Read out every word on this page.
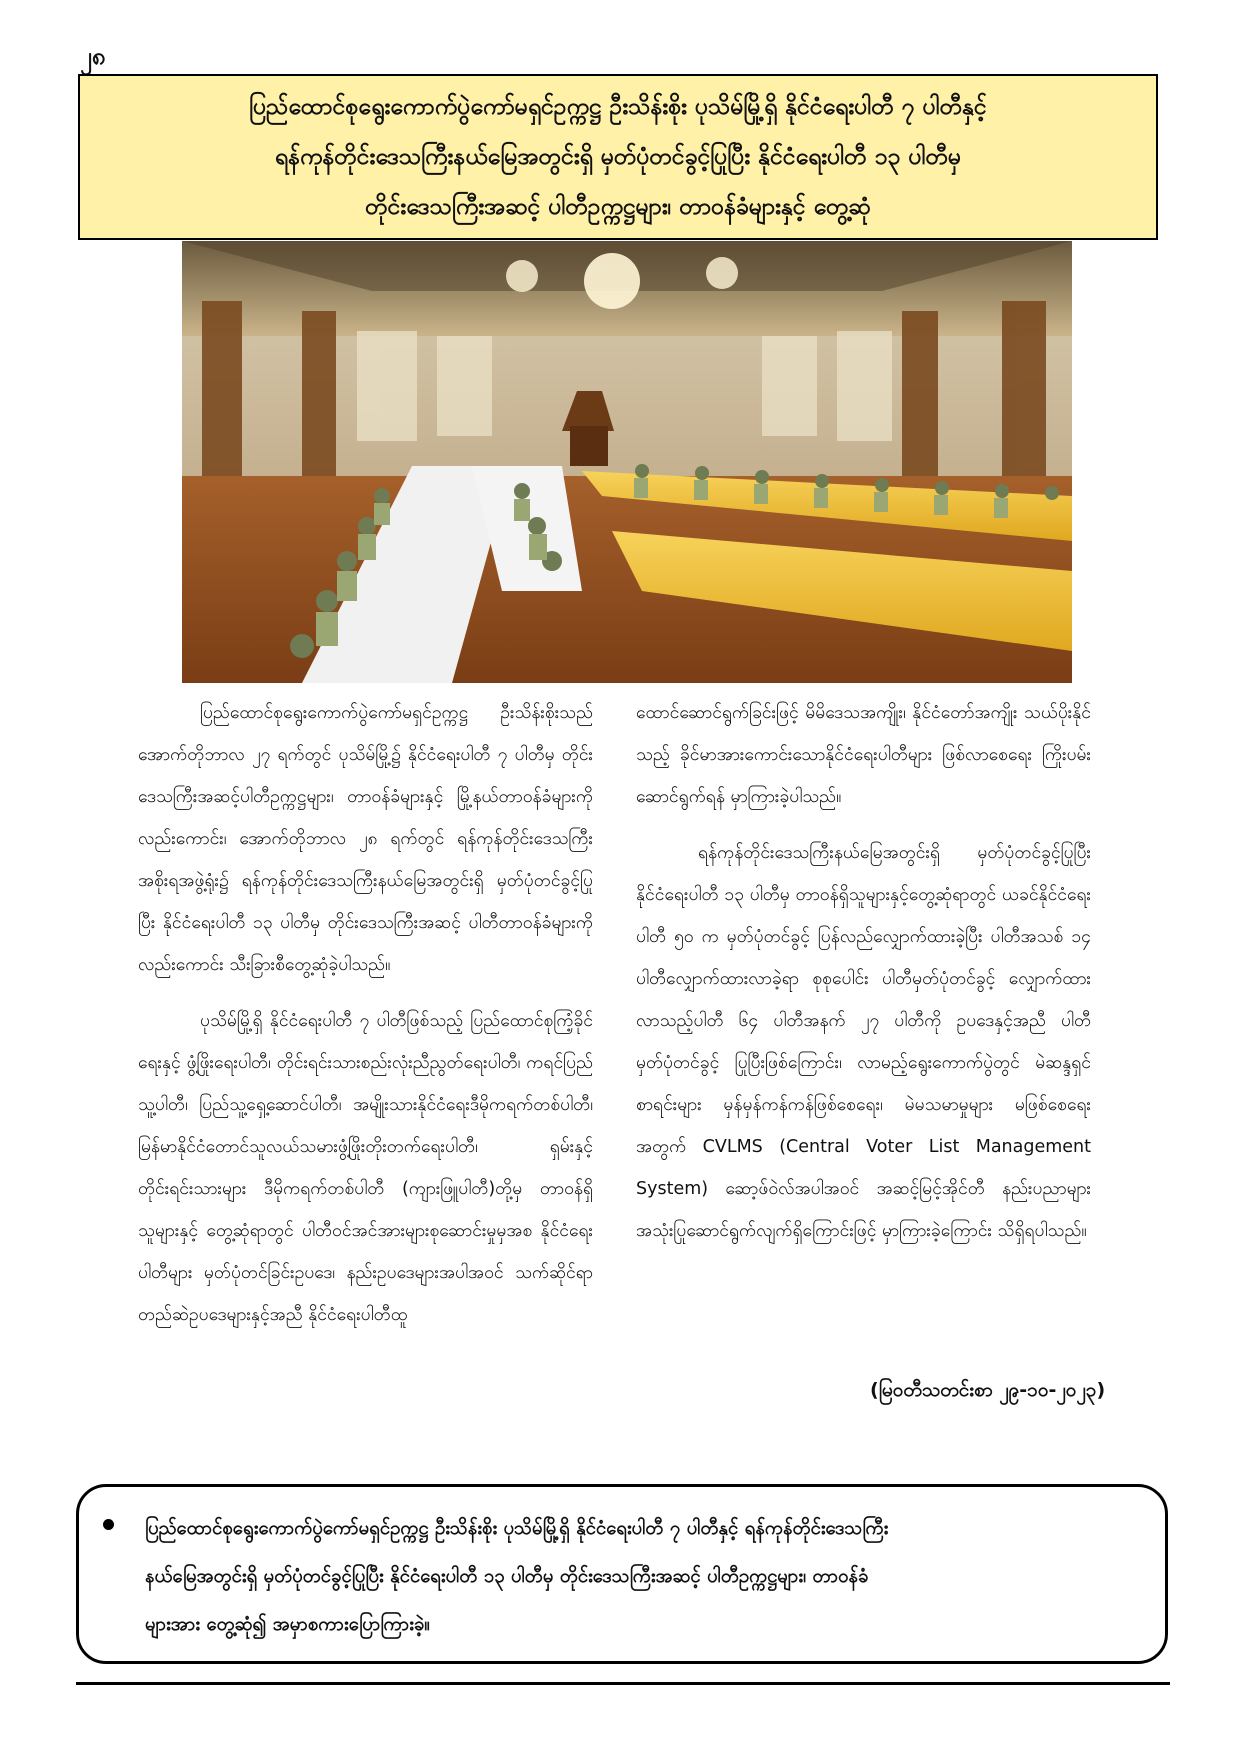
၂၈
ပြည်ထောင်စုရွေးကောက်ပွဲကော်မရှင်ဥက္ကဋ္ဌ ဦးသိန်းစိုး ပုသိမ်မြို့ရှိ နိုင်ငံရေးပါတီ ၇ ပါတီနှင့်
ရန်ကုန်တိုင်းဒေသကြီးနယ်မြေအတွင်းရှိ မှတ်ပုံတင်ခွင့်ပြုပြီး နိုင်ငံရေးပါတီ ၁၃ ပါတီမှ
တိုင်းဒေသကြီးအဆင့် ပါတီဥက္ကဋ္ဌများ၊ တာဝန်ခံများနှင့် တွေ့ဆုံ

ပြည်ထောင်စုရွေးကောက်ပွဲကော်မရှင်ဥက္ကဋ္ဌ ဦးသိန်းစိုးသည် အောက်တိုဘာလ ၂၇ ရက်တွင် ပုသိမ်မြို့၌ နိုင်ငံရေးပါတီ ၇ ပါတီမှ တိုင်းဒေသကြီးအဆင့်ပါတီဥက္ကဋ္ဌများ၊ တာဝန်ခံများနှင့် မြို့နယ်တာဝန်ခံများကိုလည်းကောင်း၊ အောက်တိုဘာလ ၂၈ ရက်တွင် ရန်ကုန်တိုင်းဒေသကြီးအစိုးရအဖွဲ့ရုံး၌ ရန်ကုန်တိုင်းဒေသကြီးနယ်မြေအတွင်းရှိ မှတ်ပုံတင်ခွင့်ပြုပြီး နိုင်ငံရေးပါတီ ၁၃ ပါတီမှ တိုင်းဒေသကြီးအဆင့် ပါတီတာဝန်ခံများကိုလည်းကောင်း သီးခြားစီတွေ့ဆုံခဲ့ပါသည်။

ပုသိမ်မြို့ရှိ နိုင်ငံရေးပါတီ ၇ ပါတီဖြစ်သည့် ပြည်ထောင်စုကြံ့ခိုင်ရေးနှင့် ဖွံ့ဖြိုးရေးပါတီ၊ တိုင်းရင်းသားစည်းလုံးညီညွတ်ရေးပါတီ၊ ကရင်ပြည်သူ့ပါတီ၊ ပြည်သူ့ရှေ့ဆောင်ပါတီ၊ အမျိုးသားနိုင်ငံရေးဒီမိုကရက်တစ်ပါတီ၊ မြန်မာနိုင်ငံတောင်သူလယ်သမားဖွံ့ဖြိုးတိုးတက်ရေးပါတီ၊ ရှမ်းနှင့်တိုင်းရင်းသားများ ဒီမိုကရက်တစ်ပါတီ (ကျားဖြူပါတီ)တို့မှ တာဝန်ရှိသူများနှင့် တွေ့ဆုံရာတွင် ပါတီဝင်အင်အားများစုဆောင်းမှုမှအစ နိုင်ငံရေးပါတီများ မှတ်ပုံတင်ခြင်းဥပဒေ၊ နည်းဥပဒေများအပါအဝင် သက်ဆိုင်ရာတည်ဆဲဥပဒေများနှင့်အညီ နိုင်ငံရေးပါတီထူ

ထောင်ဆောင်ရွက်ခြင်းဖြင့် မိမိဒေသအကျိုး၊ နိုင်ငံတော်အကျိုး သယ်ပိုးနိုင်သည့် ခိုင်မာအားကောင်းသောနိုင်ငံရေးပါတီများ ဖြစ်လာစေရေး ကြိုးပမ်းဆောင်ရွက်ရန် မှာကြားခဲ့ပါသည်။

ရန်ကုန်တိုင်းဒေသကြီးနယ်မြေအတွင်းရှိ မှတ်ပုံတင်ခွင့်ပြုပြီး နိုင်ငံရေးပါတီ ၁၃ ပါတီမှ တာဝန်ရှိသူများနှင့်တွေ့ဆုံရာတွင် ယခင်နိုင်ငံရေးပါတီ ၅၀ က မှတ်ပုံတင်ခွင့် ပြန်လည်လျှောက်ထားခဲ့ပြီး ပါတီအသစ် ၁၄ ပါတီလျှောက်ထားလာခဲ့ရာ စုစုပေါင်း ပါတီမှတ်ပုံတင်ခွင့် လျှောက်ထားလာသည့်ပါတီ ၆၄ ပါတီအနက် ၂၇ ပါတီကို ဥပဒေနှင့်အညီ ပါတီမှတ်ပုံတင်ခွင့် ပြုပြီးဖြစ်ကြောင်း၊ လာမည့်ရွေးကောက်ပွဲတွင် မဲဆန္ဒရှင်စာရင်းများ မှန်မှန်ကန်ကန်ဖြစ်စေရေး၊ မဲမသမာမှုများ မဖြစ်စေရေးအတွက် CVLMS (Central Voter List Management System) ဆော့ဖ်ဝဲလ်အပါအဝင် အဆင့်မြင့်အိုင်တီ နည်းပညာများ အသုံးပြုဆောင်ရွက်လျက်ရှိကြောင်းဖြင့် မှာကြားခဲ့ကြောင်း သိရှိရပါသည်။

(မြဝတီသတင်းစာ ၂၉-၁၀-၂၀၂၃)
ပြည်ထောင်စုရွေးကောက်ပွဲကော်မရှင်ဥက္ကဋ္ဌ ဦးသိန်းစိုး ပုသိမ်မြို့ရှိ နိုင်ငံရေးပါတီ ၇ ပါတီနှင့် ရန်ကုန်တိုင်းဒေသကြီး
နယ်မြေအတွင်းရှိ မှတ်ပုံတင်ခွင့်ပြုပြီး နိုင်ငံရေးပါတီ ၁၃ ပါတီမှ တိုင်းဒေသကြီးအဆင့် ပါတီဥက္ကဋ္ဌများ၊ တာဝန်ခံ
များအား တွေ့ဆုံ၍ အမှာစကားပြောကြားခဲ့။
